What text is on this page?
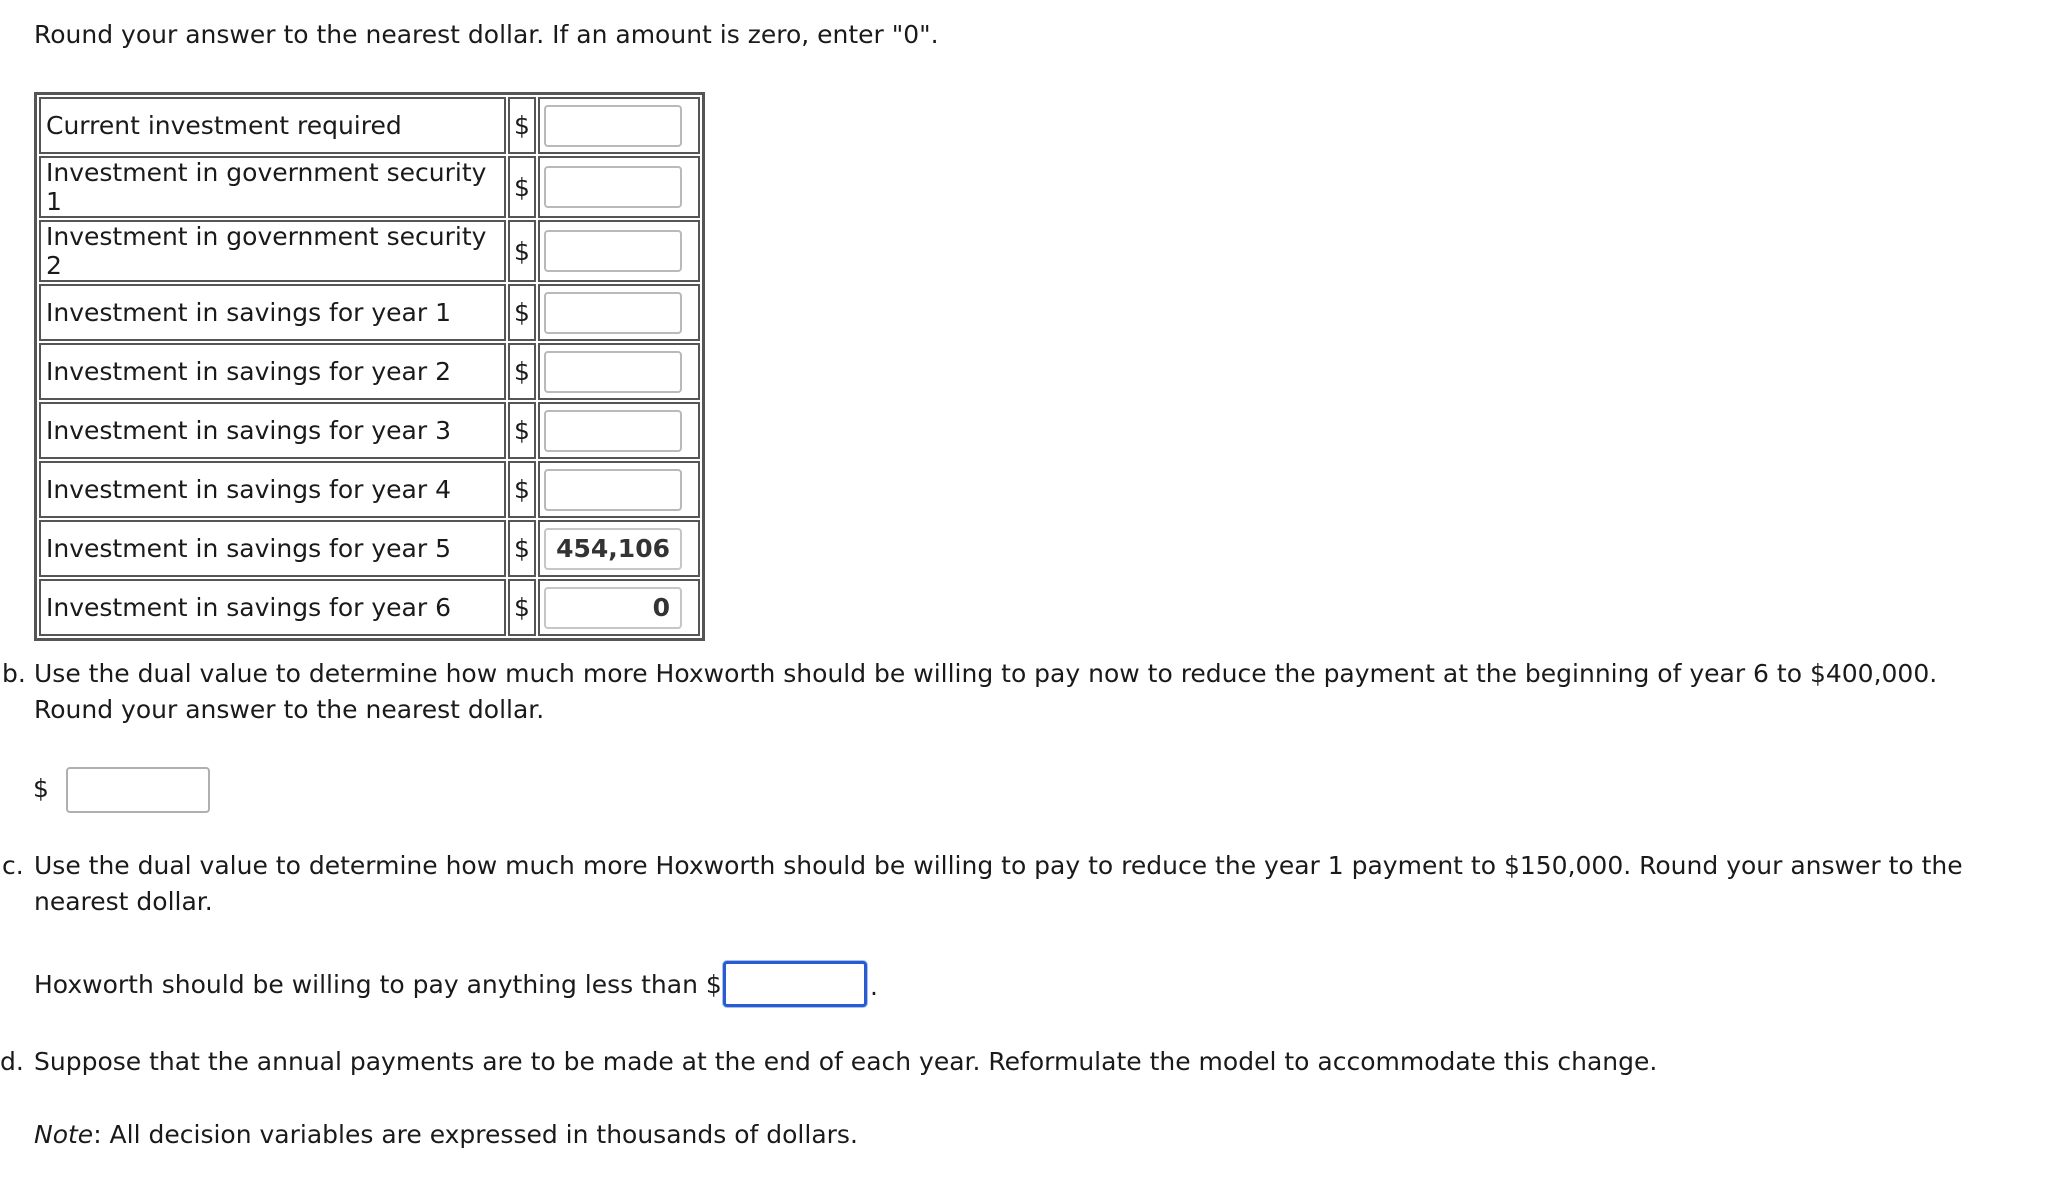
Round your answer to the nearest dollar. If an amount is zero, enter "0".
Current investment required	$	

Investment in government security 1	$	

Investment in government security 2	$	

Investment in savings for year 1	$	

Investment in savings for year 2	$	

Investment in savings for year 3	$	

Investment in savings for year 4	$	

Investment in savings for year 5	$	454,106

Investment in savings for year 6	$	0
b. Use the dual value to determine how much more Hoxworth should be willing to pay now to reduce the payment at the beginning of year 6 to $400,000. Round your answer to the nearest dollar.
$
c. Use the dual value to determine how much more Hoxworth should be willing to pay to reduce the year 1 payment to $150,000. Round your answer to the nearest dollar.
Hoxworth should be willing to pay anything less than $	.
d. Suppose that the annual payments are to be made at the end of each year. Reformulate the model to accommodate this change.
Note: All decision variables are expressed in thousands of dollars.
